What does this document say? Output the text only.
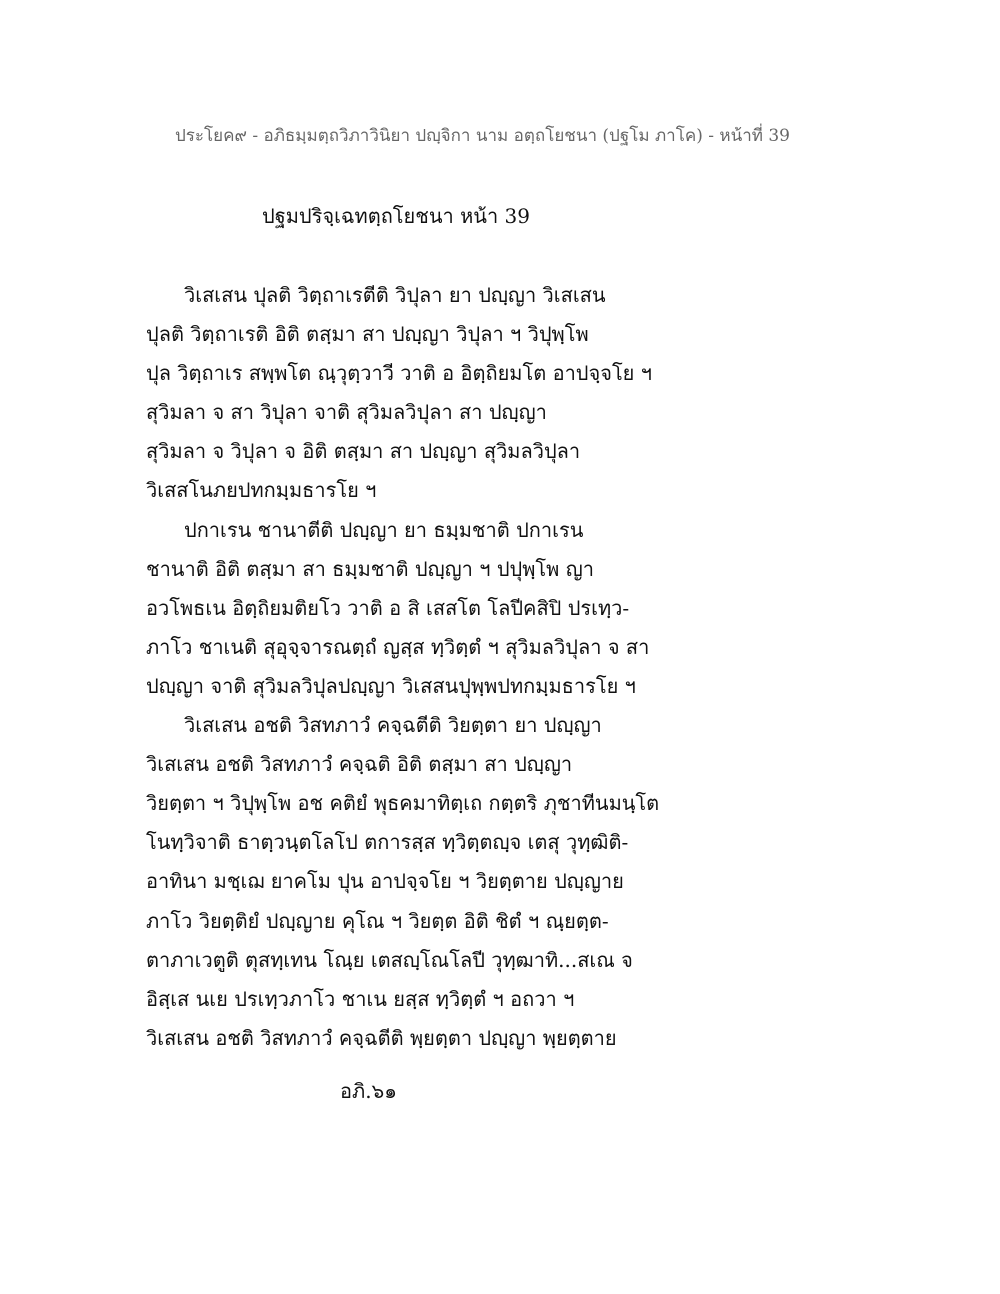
ประโยค๙ - อภิธมฺมตฺถวิภาวินิยา ปญฺจิกา นาม อตฺถโยชนา (ปฐโม ภาโค) - หน้าที่ 39
ปฐมปริจฺเฉทตฺถโยชนา หน้า 39
วิเสเสน ปุลติ วิตฺถาเรตีติ วิปุลา ยา ปญฺญา วิเสเสน
ปุลติ วิตฺถาเรติ อิติ ตสฺมา สา ปญฺญา วิปุลา ฯ วิปุพฺโพ
ปุล วิตฺถาเร สพฺพโต ณฺวุตฺวาวี วาติ อ อิตฺถิยมโต อาปจฺจโย ฯ
สุวิมลา จ สา วิปุลา จาติ สุวิมลวิปุลา สา ปญฺญา
สุวิมลา จ วิปุลา จ อิติ ตสฺมา สา ปญฺญา สุวิมลวิปุลา
วิเสสโนภยปทกมฺมธารโย ฯ
ปกาเรน ชานาตีติ ปญฺญา ยา ธมฺมชาติ ปกาเรน
ชานาติ อิติ ตสฺมา สา ธมฺมชาติ ปญฺญา ฯ ปปุพฺโพ ญา
อวโพธเน อิตฺถิยมติยโว วาติ อ สิ เสสโต โลปีคสิปิ ปรเทฺว-
ภาโว ชาเนติ สุอุจฺจารณตฺถํ ญสฺส ทฺวิตฺตํ ฯ สุวิมลวิปุลา จ สา
ปญฺญา จาติ สุวิมลวิปุลปญฺญา วิเสสนปุพฺพปทกมฺมธารโย ฯ
วิเสเสน อชติ วิสทภาวํ คจฺฉตีติ วิยตฺตา ยา ปญฺญา
วิเสเสน อชติ วิสทภาวํ คจฺฉติ อิติ ตสฺมา สา ปญฺญา
วิยตฺตา ฯ วิปุพฺโพ อช คติยํ พุธคมาทิตฺเถ กตฺตริ ภุชาทีนมนฺโต
โนทฺวิจาติ ธาตฺวนฺตโลโป ตการสฺส ทฺวิตฺตญฺจ เตสุ วุทฺฒิติ-
อาทินา มชฺเฌ ยาคโม ปุน อาปจฺจโย ฯ วิยตฺตาย ปญฺญาย
ภาโว วิยตฺติยํ ปญฺญาย คุโณ ฯ วิยตฺต อิติ ชิตํ ฯ ณฺยตฺต-
ตาภาเวตูติ ตุสทฺเทน โณฺย เตสญฺโณโลปี วุทฺฒาทิ...สเณ จ
อิสฺเส นเย ปรเทฺวภาโว ชาเน ยสฺส ทฺวิตฺตํ ฯ อถวา ฯ
วิเสเสน อชติ วิสทภาวํ คจฺฉตีติ พฺยตฺตา ปญฺญา พฺยตฺตาย
อภิ.๖๑
